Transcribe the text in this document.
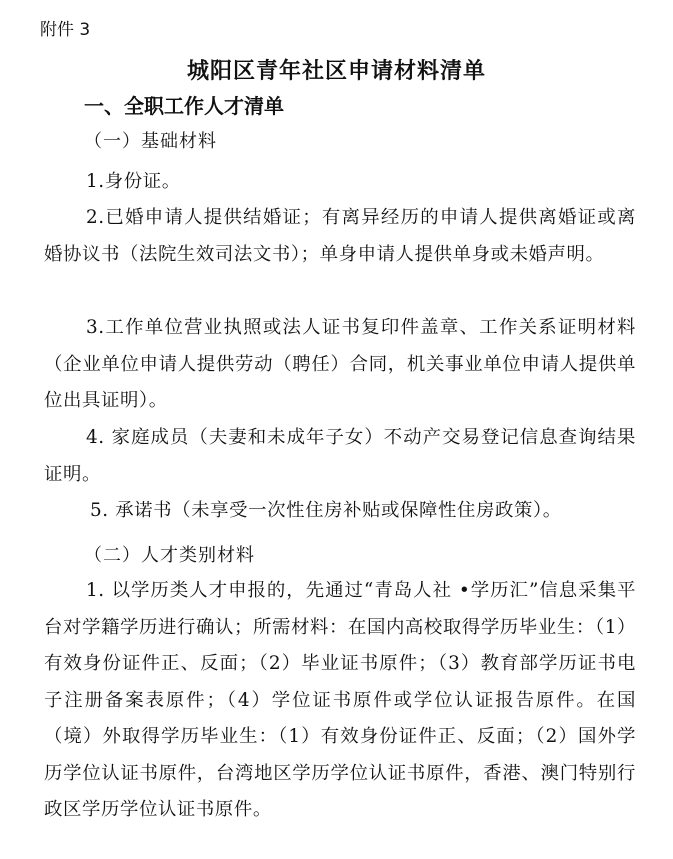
附件 3
城阳区青年社区申请材料清单
一、全职工作人才清单
（一）基础材料

1.身份证。

2.已婚申请人提供结婚证；有离异经历的申请人提供离婚证或离婚协议书（法院生效司法文书）；单身申请人提供单身或未婚声明。

3.工作单位营业执照或法人证书复印件盖章、工作关系证明材料（企业单位申请人提供劳动（聘任）合同，机关事业单位申请人提供单位出具证明）。

4. 家庭成员（夫妻和未成年子女）不动产交易登记信息查询结果证明。

5. 承诺书（未享受一次性住房补贴或保障性住房政策）。

（二）人才类别材料

1. 以学历类人才申报的，先通过“青岛人社 •学历汇”信息采集平台对学籍学历进行确认；所需材料：在国内高校取得学历毕业生：（1）有效身份证件正、反面；（2）毕业证书原件；（3）教育部学历证书电子注册备案表原件；（4）学位证书原件或学位认证报告原件。在国（境）外取得学历毕业生：（1）有效身份证件正、反面；（2）国外学历学位认证书原件，台湾地区学历学位认证书原件，香港、澳门特别行政区学历学位认证书原件。
